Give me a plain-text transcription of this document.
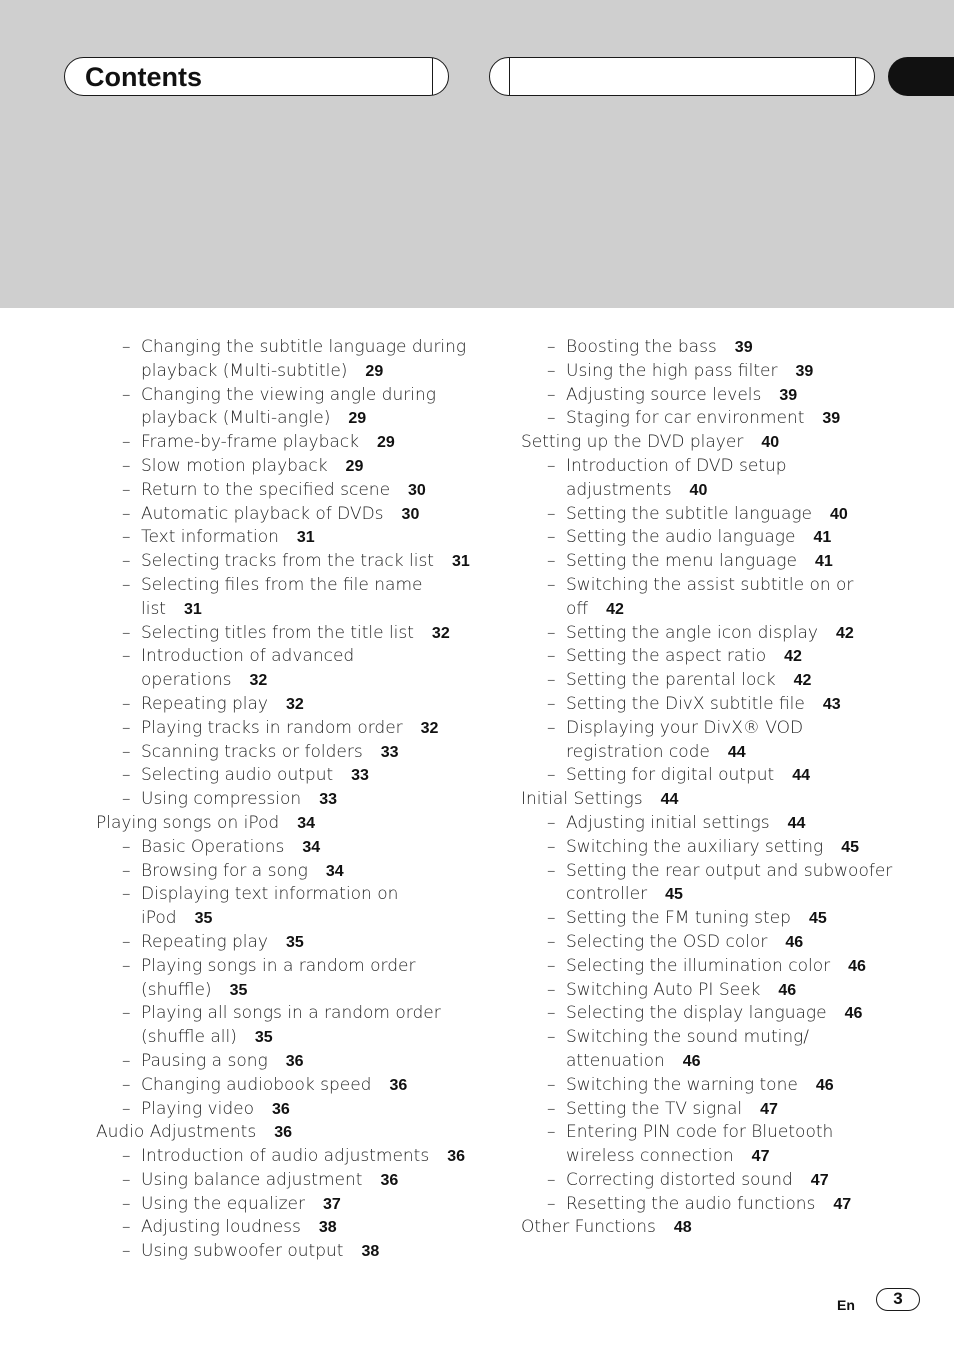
Contents
– Changing the subtitle language during
playback (Multi-subtitle) 29
– Changing the viewing angle during
playback (Multi-angle) 29
– Frame-by-frame playback 29
– Slow motion playback 29
– Return to the specified scene 30
– Automatic playback of DVDs 30
– Text information 31
– Selecting tracks from the track list 31
– Selecting files from the file name
list 31
– Selecting titles from the title list 32
– Introduction of advanced
operations 32
– Repeating play 32
– Playing tracks in random order 32
– Scanning tracks or folders 33
– Selecting audio output 33
– Using compression 33
Playing songs on iPod 34
– Basic Operations 34
– Browsing for a song 34
– Displaying text information on
iPod 35
– Repeating play 35
– Playing songs in a random order
(shuffle) 35
– Playing all songs in a random order
(shuffle all) 35
– Pausing a song 36
– Changing audiobook speed 36
– Playing video 36
Audio Adjustments 36
– Introduction of audio adjustments 36
– Using balance adjustment 36
– Using the equalizer 37
– Adjusting loudness 38
– Using subwoofer output 38
– Boosting the bass 39
– Using the high pass filter 39
– Adjusting source levels 39
– Staging for car environment 39
Setting up the DVD player 40
– Introduction of DVD setup
adjustments 40
– Setting the subtitle language 40
– Setting the audio language 41
– Setting the menu language 41
– Switching the assist subtitle on or
off 42
– Setting the angle icon display 42
– Setting the aspect ratio 42
– Setting the parental lock 42
– Setting the DivX subtitle file 43
– Displaying your DivX® VOD
registration code 44
– Setting for digital output 44
Initial Settings 44
– Adjusting initial settings 44
– Switching the auxiliary setting 45
– Setting the rear output and subwoofer
controller 45
– Setting the FM tuning step 45
– Selecting the OSD color 46
– Selecting the illumination color 46
– Switching Auto PI Seek 46
– Selecting the display language 46
– Switching the sound muting/
attenuation 46
– Switching the warning tone 46
– Setting the TV signal 47
– Entering PIN code for Bluetooth
wireless connection 47
– Correcting distorted sound 47
– Resetting the audio functions 47
Other Functions 48
En	3
